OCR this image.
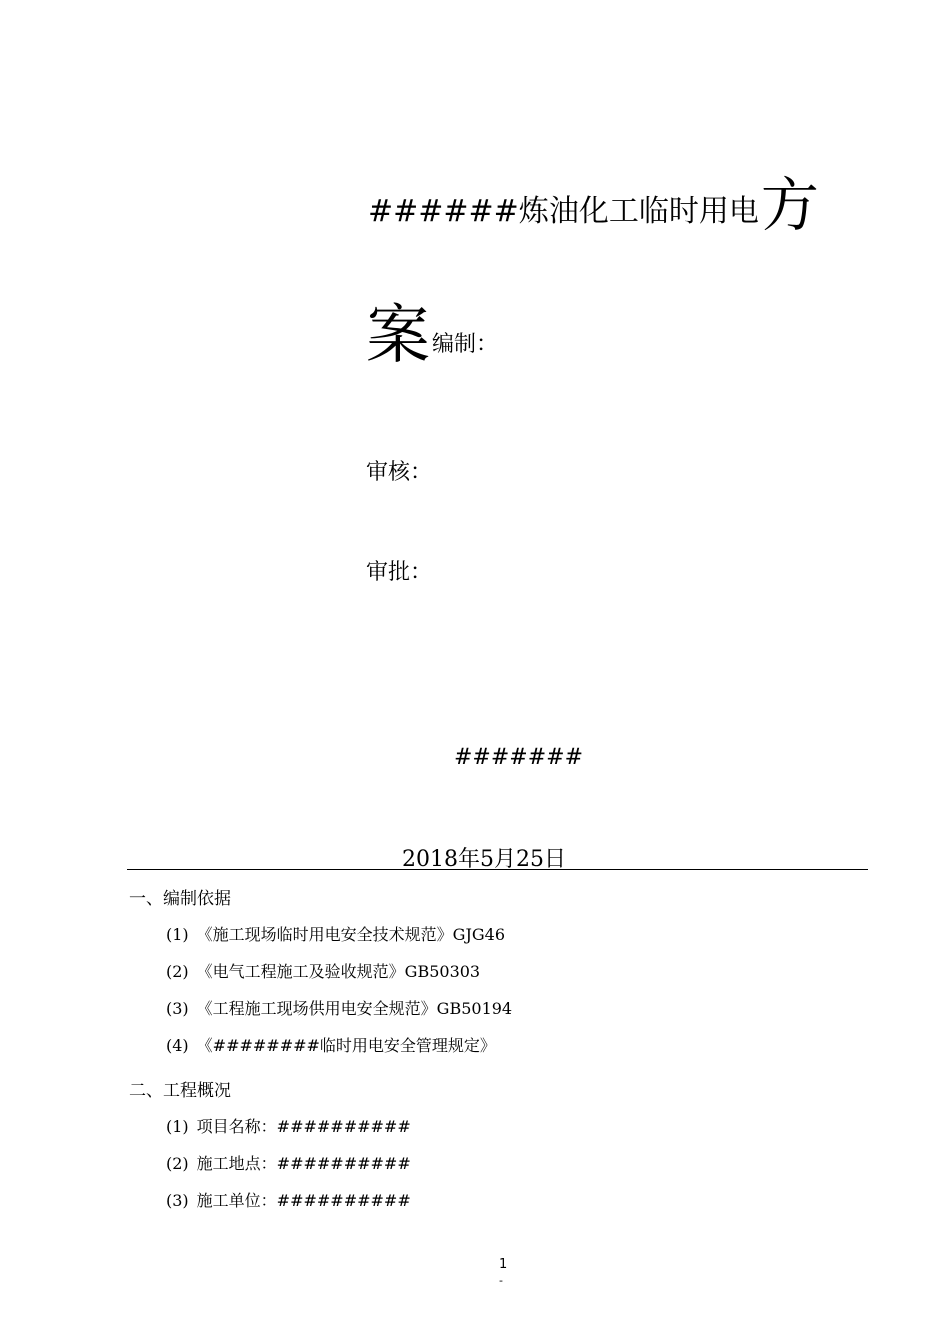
######炼油化工临时用电方
案编制：
审核：
审批：
#######
2018年5月25日
一、编制依据
(1) 《施工现场临时用电安全技术规范》GJG46
(2) 《电气工程施工及验收规范》GB50303
(3) 《工程施工现场供用电安全规范》GB50194
(4) 《########临时用电安全管理规定》
二、工程概况
(1) 项目名称：##########
(2) 施工地点：##########
(3) 施工单位：##########
1
-
